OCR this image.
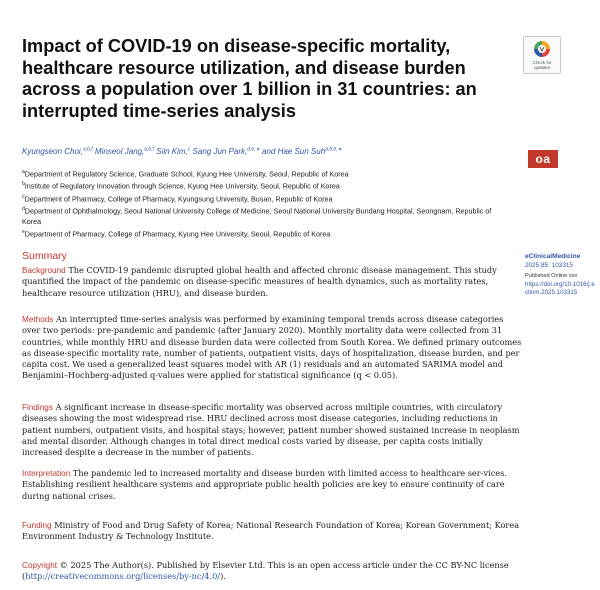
Impact of COVID-19 on disease-specific mortality, healthcare resource utilization, and disease burden across a population over 1 billion in 31 countries: an interrupted time-series analysis
Check for
updates
Kyungseon Choi,$^{a,b,f}$ Minseol Jang,$^{a,b,f}$ Siin Kim,$^c$ Sang Jun Park,$^{d,e,∗}$ and Hae Sun Suh$^{a,b,e,∗}$
oa

$^a$Department of Regulatory Science, Graduate School, Kyung Hee University, Seoul, Republic of Korea

$^b$Institute of Regulatory Innovation through Science, Kyung Hee University, Seoul, Republic of Korea

$^c$Department of Pharmacy, College of Pharmacy, Kyungsung University, Busan, Republic of Korea

$^d$Department of Ophthalmology, Seoul National University College of Medicine, Seoul National University Bundang Hospital, Seongnam, Republic of Korea

$^e$Department of Pharmacy, College of Pharmacy, Kyung Hee University, Seoul, Republic of Korea

eClinicalMedicine
2025;85: 103315
Published Online xxx
https://doi.org/10.1016/j.eclinm.2025.103315
Summary

Background The COVID-19 pandemic disrupted global health and affected chronic disease management. This study quantified the impact of the pandemic on disease-specific measures of health dynamics, such as mortality rates, healthcare resource utilization (HRU), and disease burden.

Methods An interrupted time-series analysis was performed by examining temporal trends across disease categories over two periods: pre-pandemic and pandemic (after January 2020). Monthly mortality data were collected from 31 countries, while monthly HRU and disease burden data were collected from South Korea. We defined primary outcomes as disease-specific mortality rate, number of patients, outpatient visits, days of hospitalization, disease burden, and per capita cost. We used a generalized least squares model with AR (1) residuals and an automated SARIMA model and Benjamini–Hochberg-adjusted q-values were applied for statistical significance (q < 0.05).

Findings A significant increase in disease-specific mortality was observed across multiple countries, with circulatory diseases showing the most widespread rise. HRU declined across most disease categories, including reductions in patient numbers, outpatient visits, and hospital stays; however, patient number showed sustained increase in neoplasm and mental disorder. Although changes in total direct medical costs varied by disease, per capita costs initially increased despite a decrease in the number of patients.

Interpretation The pandemic led to increased mortality and disease burden with limited access to healthcare ser-vices. Establishing resilient healthcare systems and appropriate public health policies are key to ensure continuity of care during national crises.

Funding Ministry of Food and Drug Safety of Korea; National Research Foundation of Korea; Korean Government; Korea Environment Industry & Technology Institute.

Copyright © 2025 The Author(s). Published by Elsevier Ltd. This is an open access article under the CC BY-NC license (http://creativecommons.org/licenses/by-nc/4.0/).
